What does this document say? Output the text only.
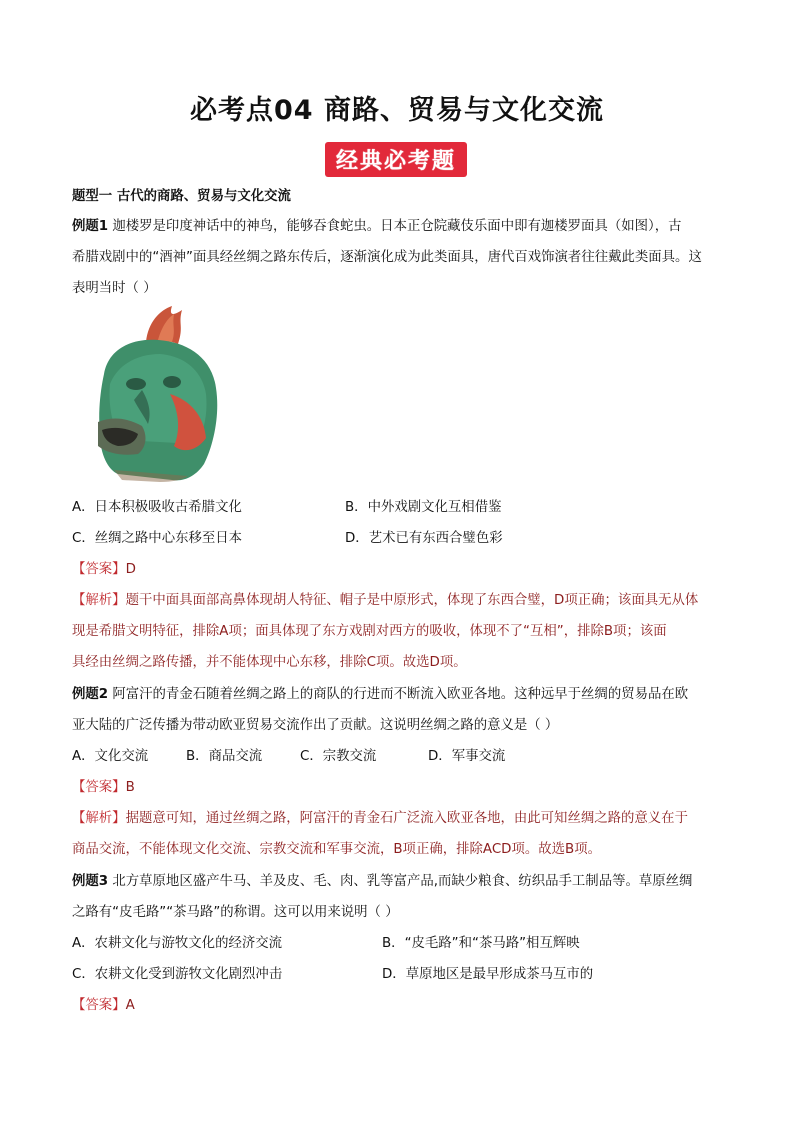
必考点04 商路、贸易与文化交流
经典必考题
题型一 古代的商路、贸易与文化交流
例题1 迦楼罗是印度神话中的神鸟，能够吞食蛇虫。日本正仓院藏伎乐面中即有迦楼罗面具（如图），古
希腊戏剧中的“酒神”面具经丝绸之路东传后，逐渐演化成为此类面具，唐代百戏饰演者往往戴此类面具。这
表明当时（ ）
A．日本积极吸收古希腊文化	B．中外戏剧文化互相借鉴
C．丝绸之路中心东移至日本	D．艺术已有东西合璧色彩
【答案】D
【解析】题干中面具面部高鼻体现胡人特征、帽子是中原形式，体现了东西合璧，D项正确；该面具无从体
现是希腊文明特征，排除A项；面具体现了东方戏剧对西方的吸收，体现不了“互相”，排除B项；该面
具经由丝绸之路传播，并不能体现中心东移，排除C项。故选D项。
例题2 阿富汗的青金石随着丝绸之路上的商队的行进而不断流入欧亚各地。这种远早于丝绸的贸易品在欧
亚大陆的广泛传播为带动欧亚贸易交流作出了贡献。这说明丝绸之路的意义是（ ）
A．文化交流	B．商品交流	C．宗教交流	D．军事交流
【答案】B
【解析】据题意可知，通过丝绸之路，阿富汗的青金石广泛流入欧亚各地，由此可知丝绸之路的意义在于
商品交流，不能体现文化交流、宗教交流和军事交流，B项正确，排除ACD项。故选B项。
例题3 北方草原地区盛产牛马、羊及皮、毛、肉、乳等富产品,而缺少粮食、纺织品手工制品等。草原丝绸
之路有“皮毛路”“茶马路”的称谓。这可以用来说明（ ）
A．农耕文化与游牧文化的经济交流	B．“皮毛路”和“茶马路”相互辉映
C．农耕文化受到游牧文化剧烈冲击	D．草原地区是最早形成茶马互市的
【答案】A
